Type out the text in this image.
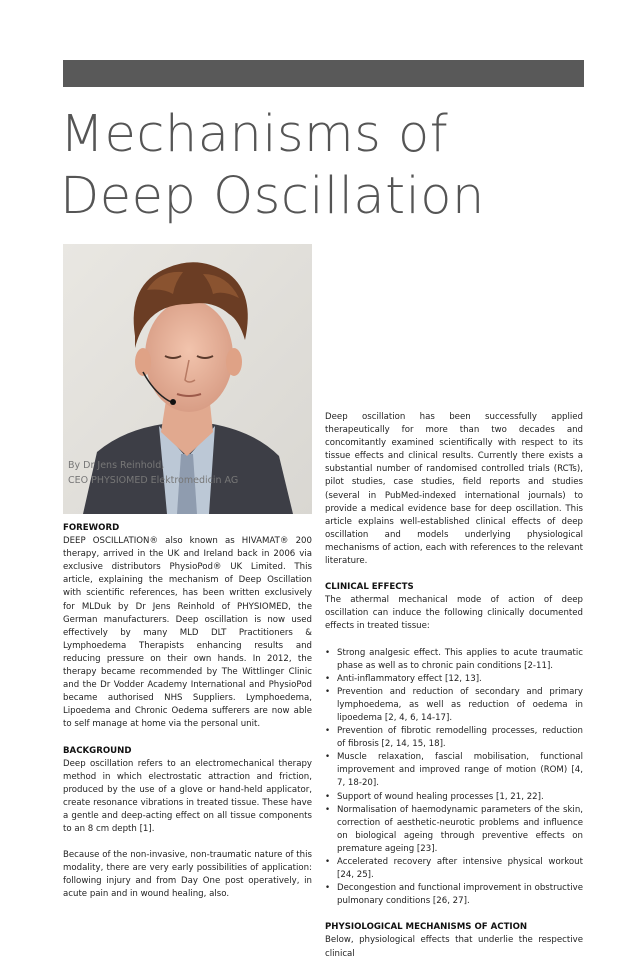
Mechanisms of
Deep Oscillation
By Dr Jens Reinhold,
CEO PHYSIOMED Elektromedicin AG
FOREWORD

DEEP OSCILLATION® also known as HIVAMAT® 200 therapy, arrived in the UK and Ireland back in 2006 via exclusive distributors PhysioPod® UK Limited. This article, explaining the mechanism of Deep Oscillation with scientific references, has been written exclusively for MLDuk by Dr Jens Reinhold of PHYSIOMED, the German manufacturers. Deep oscillation is now used effectively by many MLD DLT Practitioners & Lymphoedema Therapists enhancing results and reducing pressure on their own hands. In 2012, the therapy became recommended by The Wittlinger Clinic and the Dr Vodder Academy International and PhysioPod became authorised NHS Suppliers. Lymphoedema, Lipoedema and Chronic Oedema sufferers are now able to self manage at home via the personal unit.

BACKGROUND

Deep oscillation refers to an electromechanical therapy method in which electrostatic attraction and friction, produced by the use of a glove or hand-held applicator, create resonance vibrations in treated tissue. These have a gentle and deep-acting effect on all tissue components to an 8 cm depth [1].

Because of the non-invasive, non-traumatic nature of this modality, there are very early possibilities of application: following injury and from Day One post operatively, in acute pain and in wound healing, also.

Deep oscillation has been successfully applied therapeutically for more than two decades and concomitantly examined scientifically with respect to its tissue effects and clinical results. Currently there exists a substantial number of randomised controlled trials (RCTs), pilot studies, case studies, field reports and studies (several in PubMed-indexed international journals) to provide a medical evidence base for deep oscillation. This article explains well-established clinical effects of deep oscillation and models underlying physiological mechanisms of action, each with references to the relevant literature.

CLINICAL EFFECTS

The athermal mechanical mode of action of deep oscillation can induce the following clinically documented effects in treated tissue:

• Strong analgesic effect. This applies to acute traumatic phase as well as to chronic pain conditions [2-11].
• Anti-inflammatory effect [12, 13].
• Prevention and reduction of secondary and primary lymphoedema, as well as reduction of oedema in lipoedema [2, 4, 6, 14-17].
• Prevention of fibrotic remodelling processes, reduction of fibrosis [2, 14, 15, 18].
• Muscle relaxation, fascial mobilisation, functional improvement and improved range of motion (ROM) [4, 7, 18-20].
• Support of wound healing processes [1, 21, 22].
• Normalisation of haemodynamic parameters of the skin, correction of aesthetic-neurotic problems and influence on biological ageing through preventive effects on premature ageing [23].
• Accelerated recovery after intensive physical workout [24, 25].
• Decongestion and functional improvement in obstructive pulmonary conditions [26, 27].
PHYSIOLOGICAL MECHANISMS OF ACTION

Below, physiological effects that underlie the respective clinical
